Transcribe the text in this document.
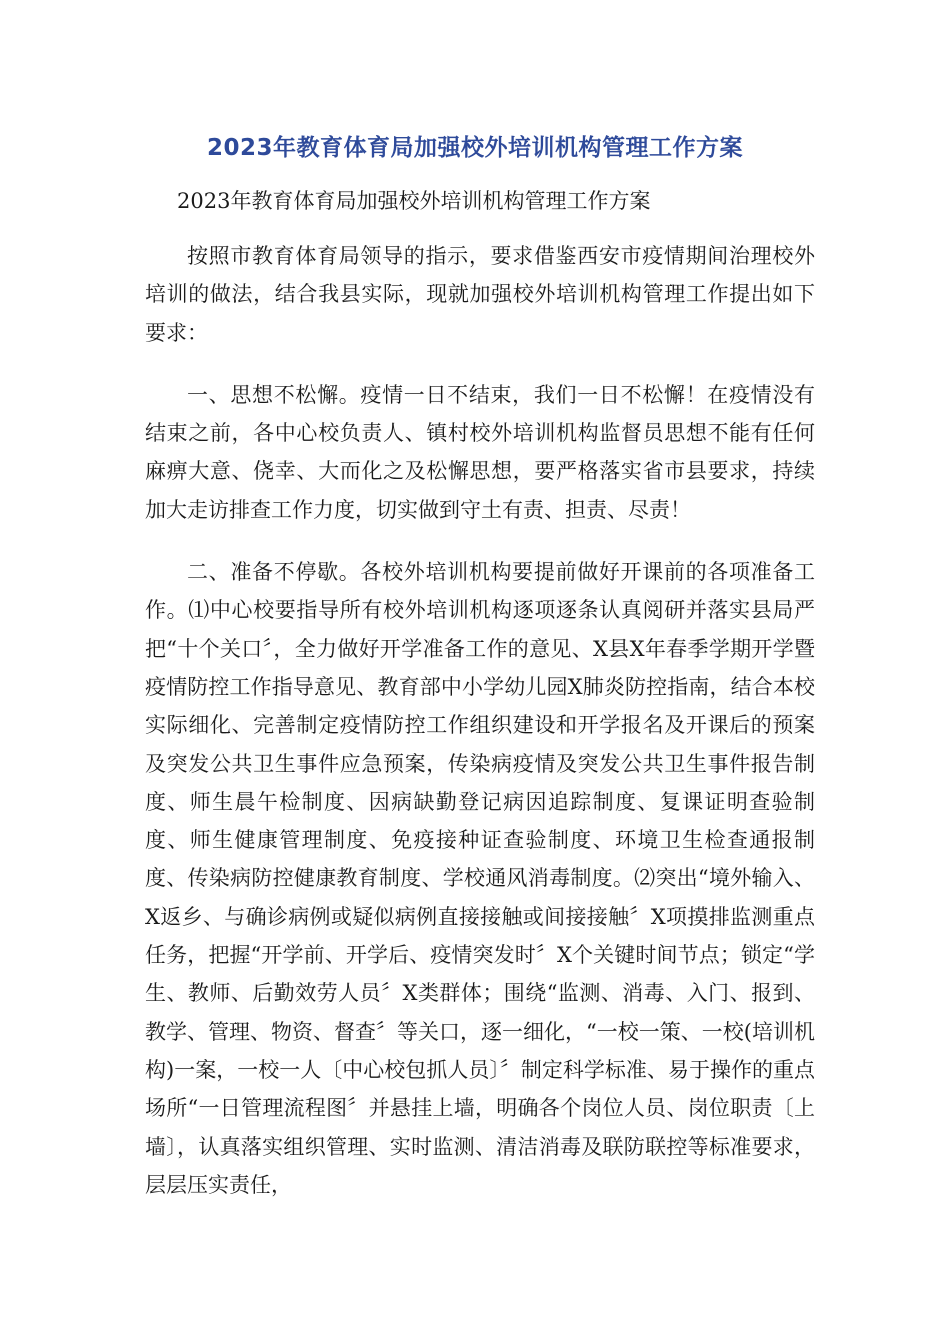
2023年教育体育局加强校外培训机构管理工作方案
2023年教育体育局加强校外培训机构管理工作方案

按照市教育体育局领导的指示，要求借鉴西安市疫情期间治理校外培训的做法，结合我县实际，现就加强校外培训机构管理工作提出如下要求：

一、思想不松懈。疫情一日不结束，我们一日不松懈！在疫情没有结束之前，各中心校负责人、镇村校外培训机构监督员思想不能有任何麻痹大意、侥幸、大而化之及松懈思想，要严格落实省市县要求，持续加大走访排查工作力度，切实做到守土有责、担责、尽责！

二、准备不停歇。各校外培训机构要提前做好开课前的各项准备工作。⑴中心校要指导所有校外培训机构逐项逐条认真阅研并落实县局严把“十个关口〞，全力做好开学准备工作的意见、X县X年春季学期开学暨疫情防控工作指导意见、教育部中小学幼儿园X肺炎防控指南，结合本校实际细化、完善制定疫情防控工作组织建设和开学报名及开课后的预案及突发公共卫生事件应急预案，传染病疫情及突发公共卫生事件报告制度、师生晨午检制度、因病缺勤登记病因追踪制度、复课证明查验制度、师生健康管理制度、免疫接种证查验制度、环境卫生检查通报制度、传染病防控健康教育制度、学校通风消毒制度。⑵突出“境外输入、X返乡、与确诊病例或疑似病例直接接触或间接接触〞X项摸排监测重点任务，把握“开学前、开学后、疫情突发时〞X个关键时间节点；锁定“学生、教师、后勤效劳人员〞X类群体；围绕“监测、消毒、入门、报到、教学、管理、物资、督查〞等关口，逐一细化，“一校一策、一校(培训机构)一案，一校一人〔中心校包抓人员〕〞制定科学标准、易于操作的重点场所“一日管理流程图〞并悬挂上墙，明确各个岗位人员、岗位职责〔上墙〕，认真落实组织管理、实时监测、清洁消毒及联防联控等标准要求，层层压实责任，
